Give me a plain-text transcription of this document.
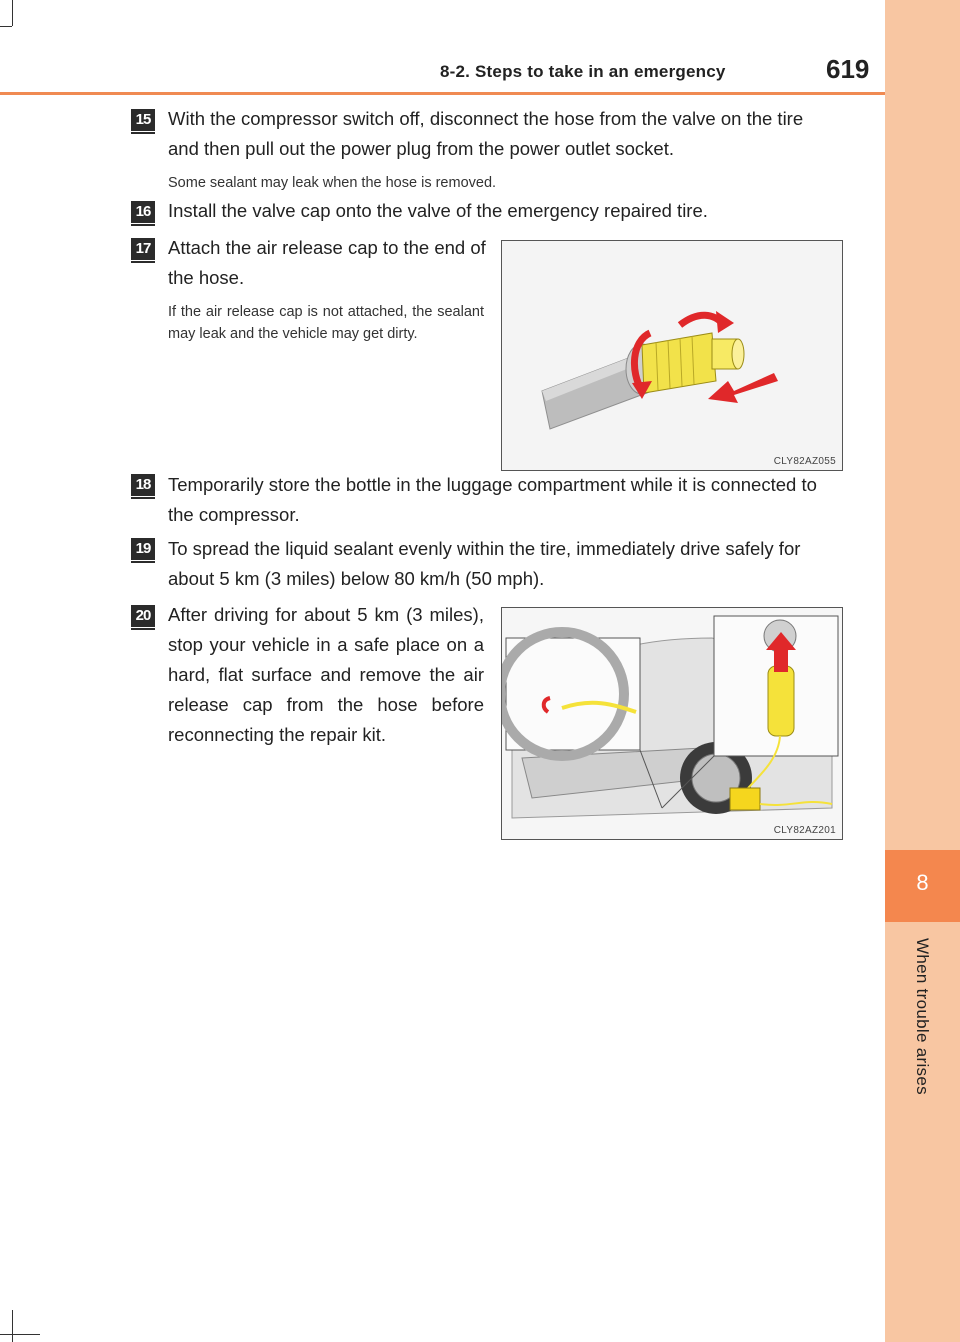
8
When trouble arises
8-2. Steps to take in an emergency	619
15 With the compressor switch off, disconnect the hose from the valve on the tire and then pull out the power plug from the power outlet socket.
Some sealant may leak when the hose is removed.
16 Install the valve cap onto the valve of the emergency repaired tire.
17 Attach the air release cap to the end of the hose.
If the air release cap is not attached, the sealant may leak and the vehicle may get dirty.
CLY82AZ055
18 Temporarily store the bottle in the luggage compartment while it is connected to the compressor.
19 To spread the liquid sealant evenly within the tire, immediately drive safely for about 5 km (3 miles) below 80 km/h (50 mph).
20 After driving for about 5 km (3 miles), stop your vehicle in a safe place on a hard, flat surface and remove the air release cap from the hose before reconnecting the repair kit.
CLY82AZ201
